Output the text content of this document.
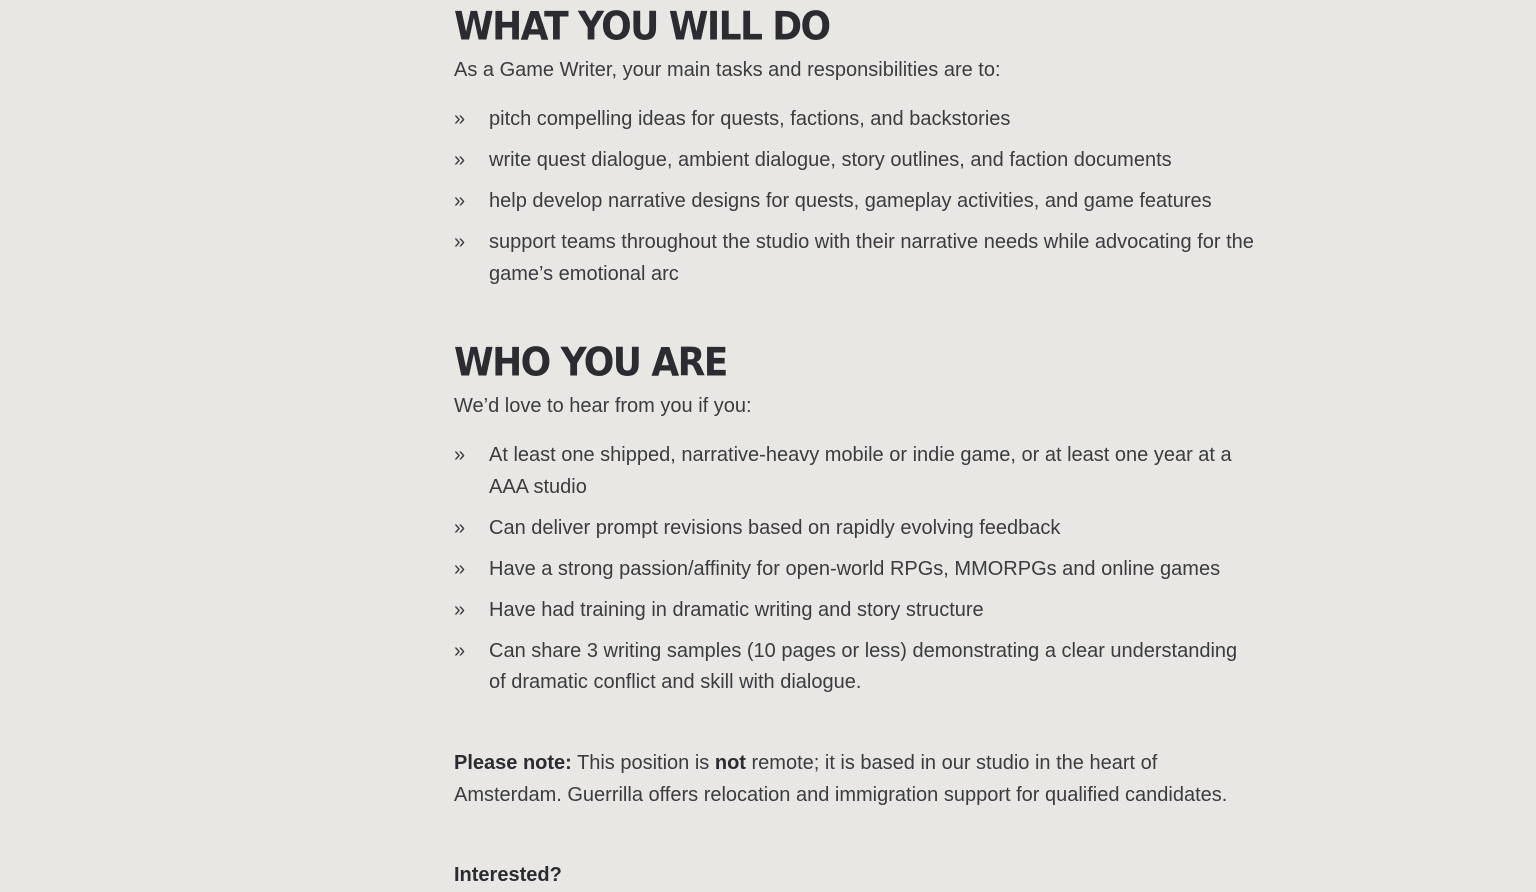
WHAT YOU WILL DO

As a Game Writer, your main tasks and responsibilities are to:

» pitch compelling ideas for quests, factions, and backstories
» write quest dialogue, ambient dialogue, story outlines, and faction documents
» help develop narrative designs for quests, gameplay activities, and game features
» support teams throughout the studio with their narrative needs while advocating for the game’s emotional arc
WHO YOU ARE

We’d love to hear from you if you:

» At least one shipped, narrative-heavy mobile or indie game, or at least one year at a AAA studio
» Can deliver prompt revisions based on rapidly evolving feedback
» Have a strong passion/affinity for open-world RPGs, MMORPGs and online games
» Have had training in dramatic writing and story structure
» Can share 3 writing samples (10 pages or less) demonstrating a clear understanding of dramatic conflict and skill with dialogue.

Please note: This position is not remote; it is based in our studio in the heart of Amsterdam. Guerrilla offers relocation and immigration support for qualified candidates.

Interested?
